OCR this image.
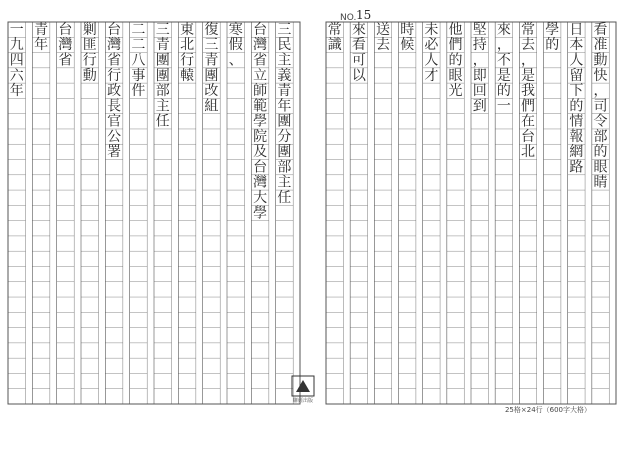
三
民
主
義
青
年
團
分
團
部
主
任
台
灣
省
立
師
範
學
院
及
台
灣
大
學
寒
假
、
復
三
青
團
改
組
東
北
行
轅
三
青
團
團
部
主
任
二
二
八
事
件
台
灣
省
行
政
長
官
公
署
剿
匪
行
動
台
灣
省
青
年
一
九
四
六
年
看
准
動
快
，
司
令
部
的
眼
睛
日
本
人
留
下
的
情
報
網
路
學
的
常
去
，
是
我
們
在
台
北
來
，
不
是
的
一
堅
持
，
即
回
到
他
們
的
眼
光
未
必
人
才
時
候
送
去
來
看
可
以
常
識
NO. 15
聯經出版
25格×24行（600字大格）
